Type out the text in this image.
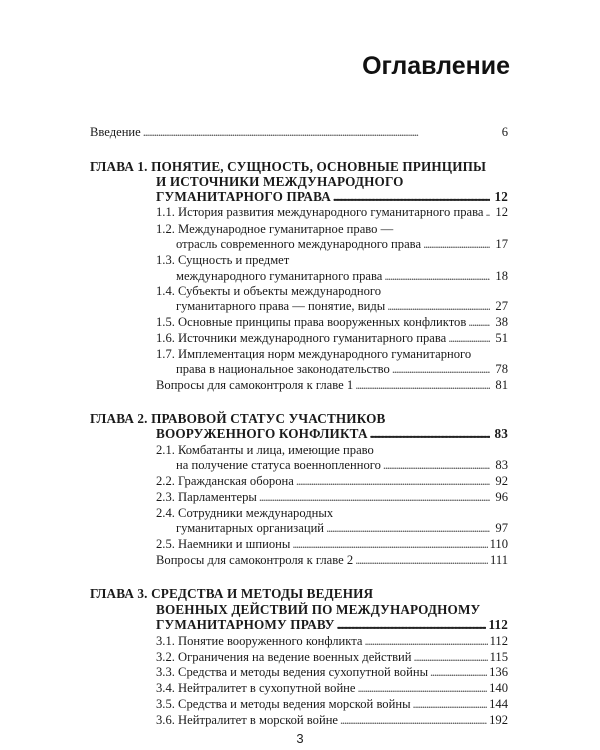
Оглавление
Введение . . .	6
ГЛАВА 1. ПОНЯТИЕ, СУЩНОСТЬ, ОСНОВНЫЕ ПРИНЦИПЫ
И ИСТОЧНИКИ МЕЖДУНАРОДНОГО
ГУМАНИТАРНОГО ПРАВА . . .	12
1.1. История развития международного гуманитарного права . . . 12
1.2. Международное гуманитарное право —
отрасль современного международного права . . .	17
1.3. Сущность и предмет
международного гуманитарного права . . .	18
1.4. Субъекты и объекты международного
гуманитарного права — понятие, виды . . .	27
1.5. Основные принципы права вооруженных конфликтов . . . 38
1.6. Источники международного гуманитарного права . . .	51
1.7. Имплементация норм международного гуманитарного
права в национальное законодательство . . .	78
Вопросы для самоконтроля к главе 1 . . .	81
ГЛАВА 2. ПРАВОВОЙ СТАТУС УЧАСТНИКОВ
ВООРУЖЕННОГО КОНФЛИКТА . . .	83
2.1. Комбатанты и лица, имеющие право
на получение статуса военнопленного . . .	83
2.2. Гражданская оборона . . .	92
2.3. Парламентеры . . .	96
2.4. Сотрудники международных
гуманитарных организаций . . .	97
2.5. Наемники и шпионы . . .	110
Вопросы для самоконтроля к главе 2 . . .	111
ГЛАВА 3. СРЕДСТВА И МЕТОДЫ ВЕДЕНИЯ
ВОЕННЫХ ДЕЙСТВИЙ ПО МЕЖДУНАРОДНОМУ
ГУМАНИТАРНОМУ ПРАВУ . . .	112
3.1. Понятие вооруженного конфликта . . .	112
3.2. Ограничения на ведение военных действий . . .	115
3.3. Средства и методы ведения сухопутной войны . . .	136
3.4. Нейтралитет в сухопутной войне . . .	140
3.5. Средства и методы ведения морской войны . . .	144
3.6. Нейтралитет в морской войне . . .	192
3
